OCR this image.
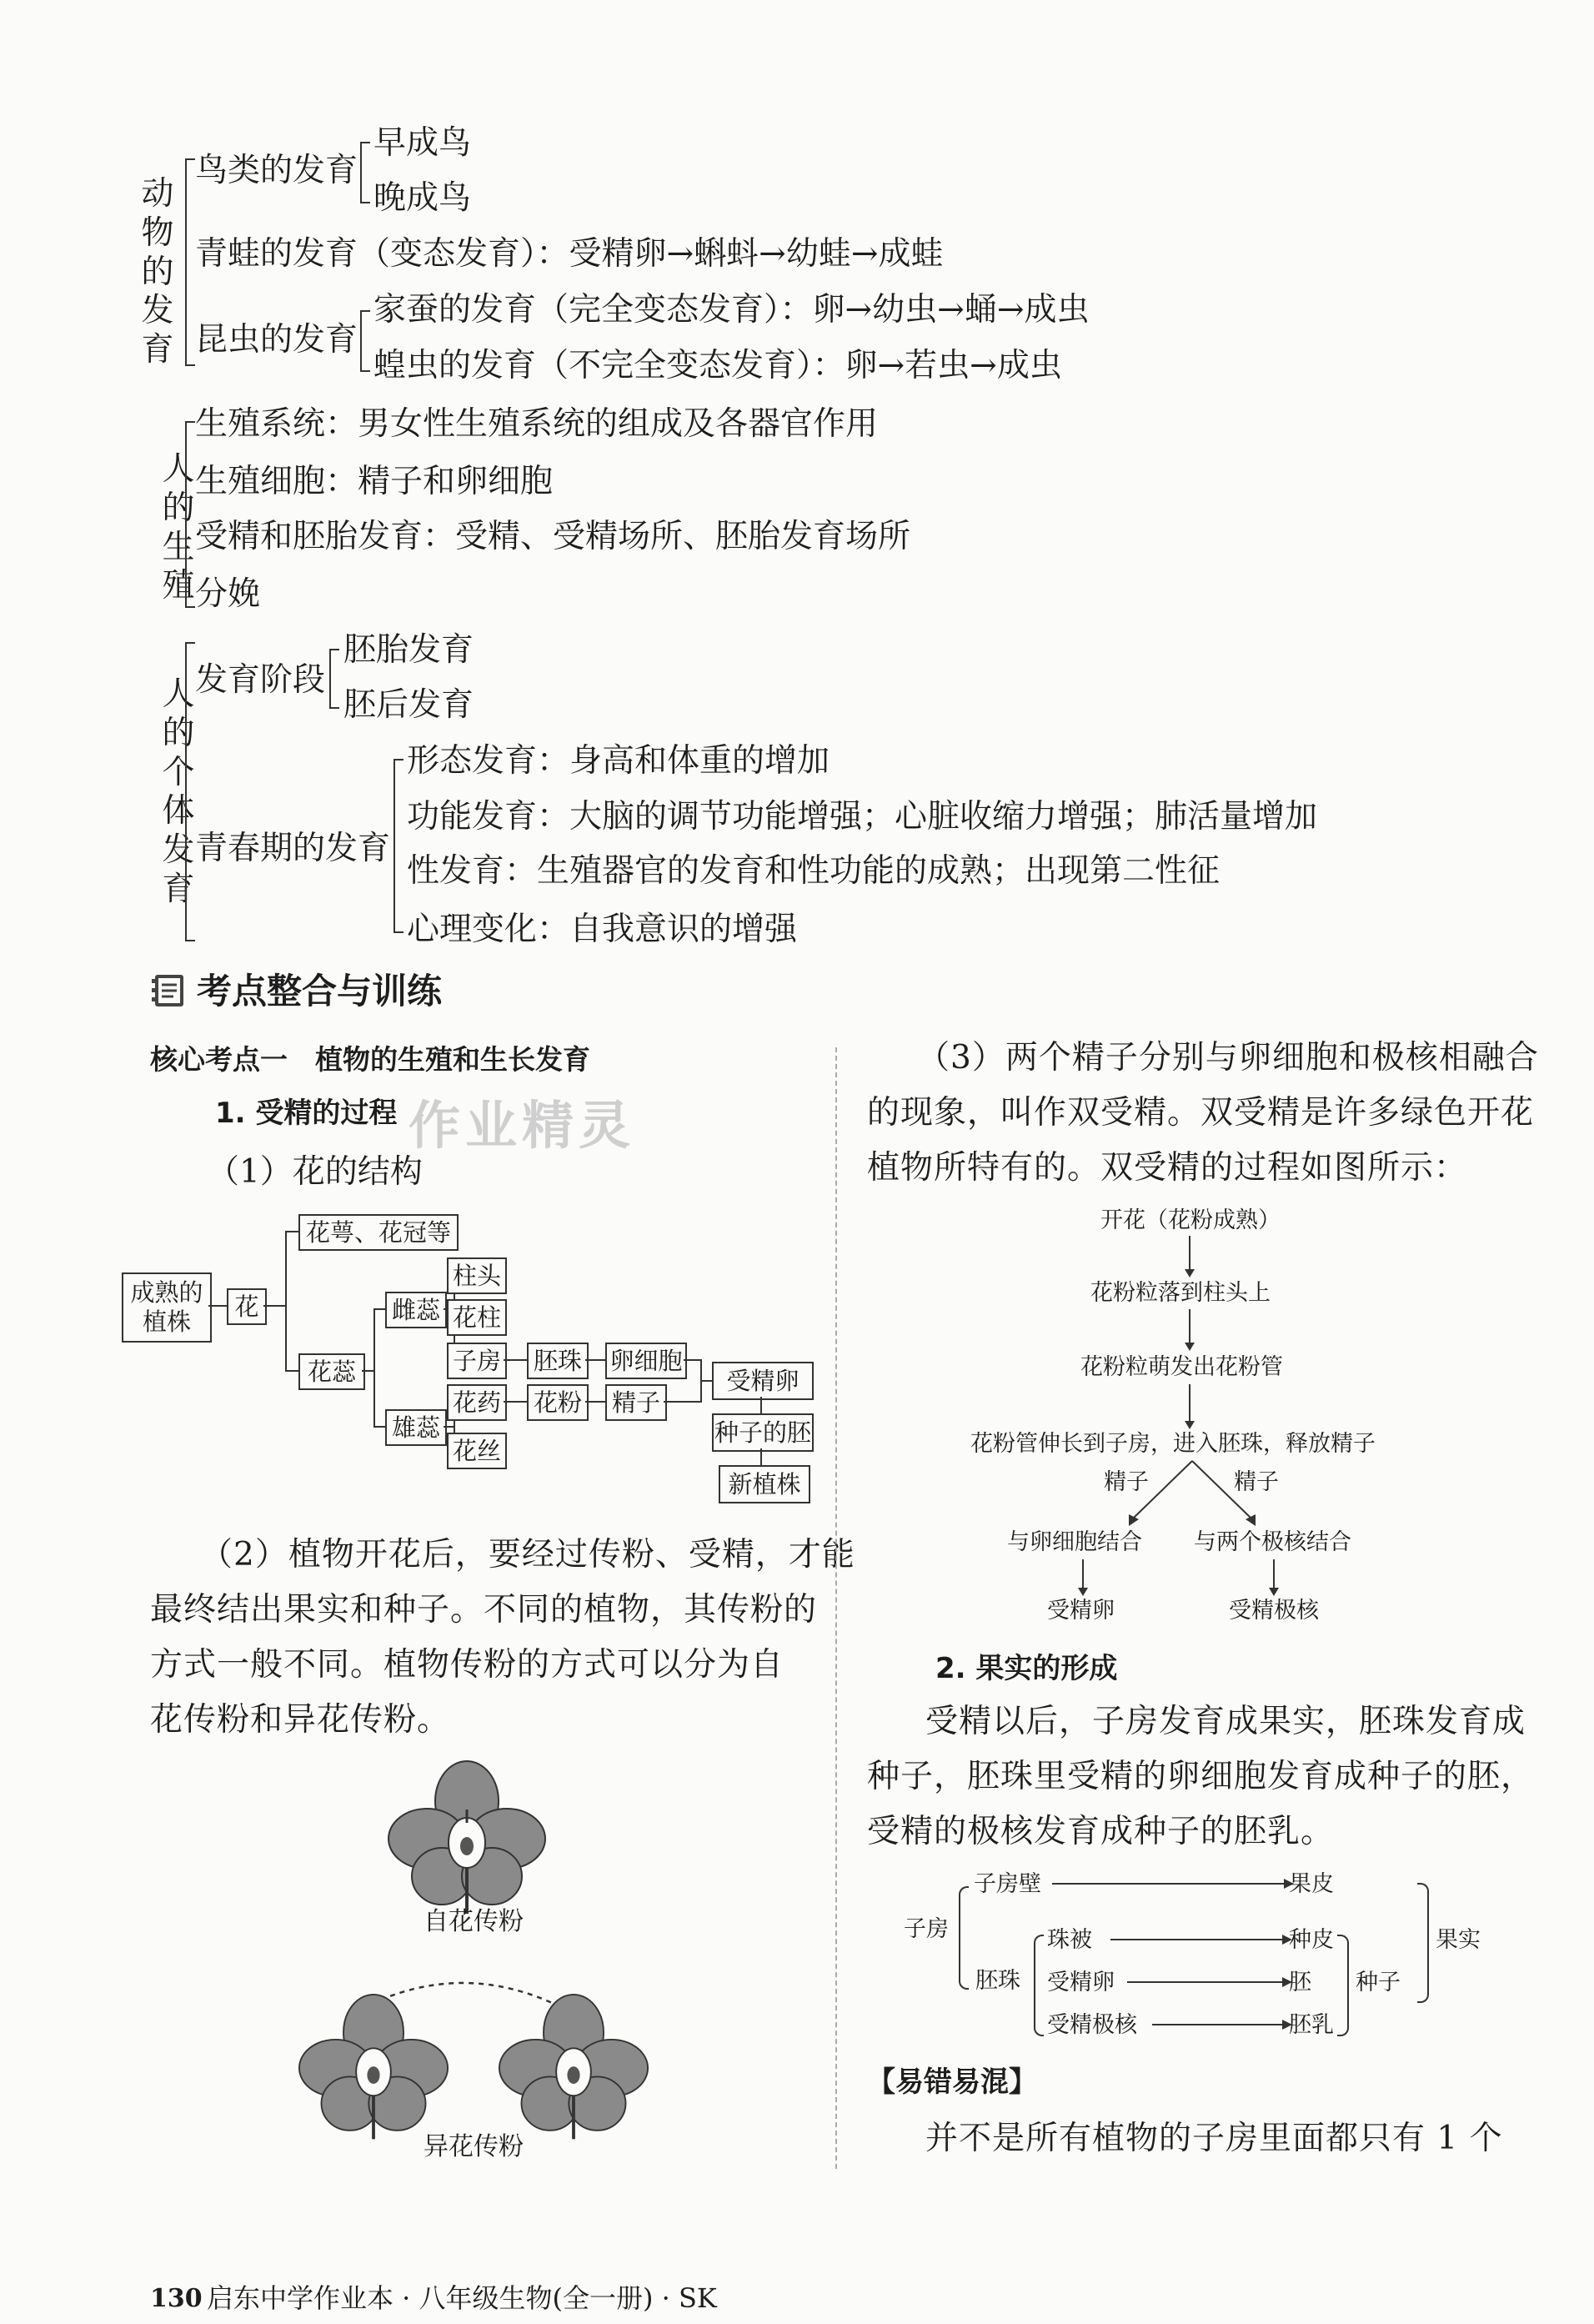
动物的发育
鸟类的发育
早成鸟
晚成鸟
青蛙的发育（变态发育）：受精卵→蝌蚪→幼蛙→成蛙
昆虫的发育
家蚕的发育（完全变态发育）：卵→幼虫→蛹→成虫
蝗虫的发育（不完全变态发育）：卵→若虫→成虫
人的生殖
生殖系统：男女性生殖系统的组成及各器官作用
生殖细胞：精子和卵细胞
受精和胚胎发育：受精、受精场所、胚胎发育场所
分娩
人的个体发育
发育阶段
胚胎发育
胚后发育
青春期的发育
形态发育：身高和体重的增加
功能发育：大脑的调节功能增强；心脏收缩力增强；肺活量增加
性发育：生殖器官的发育和性功能的成熟；出现第二性征
心理变化：自我意识的增强
考点整合与训练
核心考点一　植物的生殖和生长发育
1. 受精的过程 作业精灵
（1）花的结构
成熟的植株
花
花萼、花冠等
花蕊
雌蕊
雄蕊
柱头
花柱
子房 胚珠 卵细胞
花药
花丝
花粉 精子
受精卵
种子的胚
新植株
（2）植物开花后，要经过传粉、受精，才能
最终结出果实和种子。不同的植物，其传粉的
方式一般不同。植物传粉的方式可以分为自
花传粉和异花传粉。
自花传粉
异花传粉
（3）两个精子分别与卵细胞和极核相融合
的现象，叫作双受精。双受精是许多绿色开花
植物所特有的。双受精的过程如图所示：
开花（花粉成熟）
花粉粒落到柱头上
花粉粒萌发出花粉管
花粉管伸长到子房，进入胚珠，释放精子
精子	精子
与卵细胞结合 与两个极核结合
受精卵	受精极核
2. 果实的形成
受精以后，子房发育成果实，胚珠发育成
种子，胚珠里受精的卵细胞发育成种子的胚，
受精的极核发育成种子的胚乳。
子房
子房壁	果皮
胚珠
珠被	种皮
受精卵	胚
受精极核	胚乳
种子
果实
【易错易混】
并不是所有植物的子房里面都只有 1 个
130 启东中学作业本 · 八年级生物(全一册) · SK
